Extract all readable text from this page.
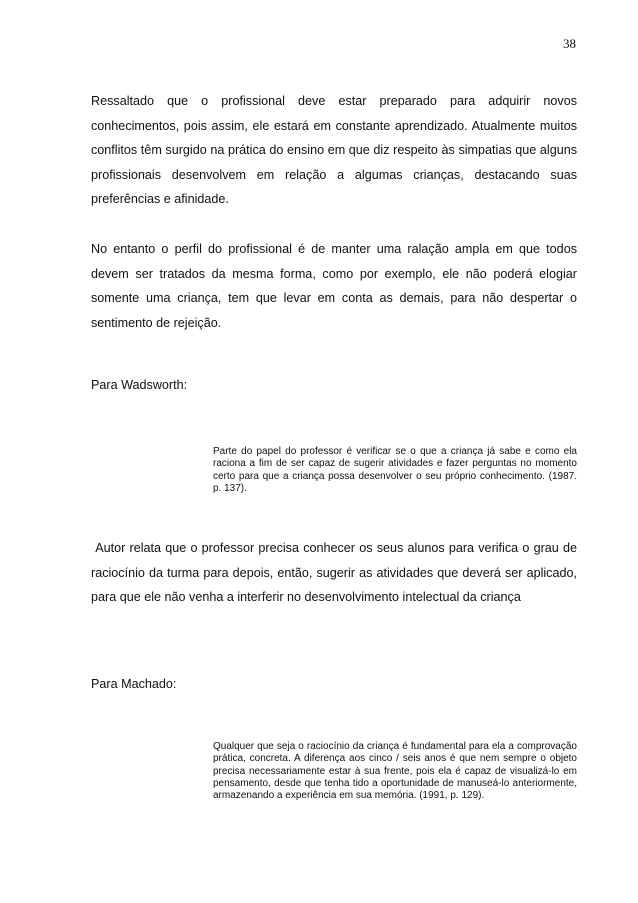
38

Ressaltado que o profissional deve estar preparado para adquirir novos conhecimentos, pois assim, ele estará em constante aprendizado. Atualmente muitos conflitos têm surgido na prática do ensino em que diz respeito às simpatias que alguns profissionais desenvolvem em relação a algumas crianças, destacando suas preferências e afinidade.

No entanto o perfil do profissional é de manter uma ralação ampla em que todos devem ser tratados da mesma forma, como por exemplo, ele não poderá elogiar somente uma criança, tem que levar em conta as demais, para não despertar o sentimento de rejeição.

Para Wadsworth:

Parte do papel do professor é verificar se o que a criança já sabe e como ela raciona a fim de ser capaz de sugerir atividades e fazer perguntas no momento certo para que a criança possa desenvolver o seu próprio conhecimento. (1987. p. 137).

Autor relata que o professor precisa conhecer os seus alunos para verifica o grau de raciocínio da turma para depois, então, sugerir as atividades que deverá ser aplicado, para que ele não venha a interferir no desenvolvimento intelectual da criança

Para Machado:

Qualquer que seja o raciocínio da criança é fundamental para ela a comprovação prática, concreta. A diferença aos cinco / seis anos é que nem sempre o objeto precisa necessariamente estar à sua frente, pois ela é capaz de visualizá-lo em pensamento, desde que tenha tido a oportunidade de manuseá-lo anteriormente, armazenando a experiência em sua memória. (1991, p. 129).
